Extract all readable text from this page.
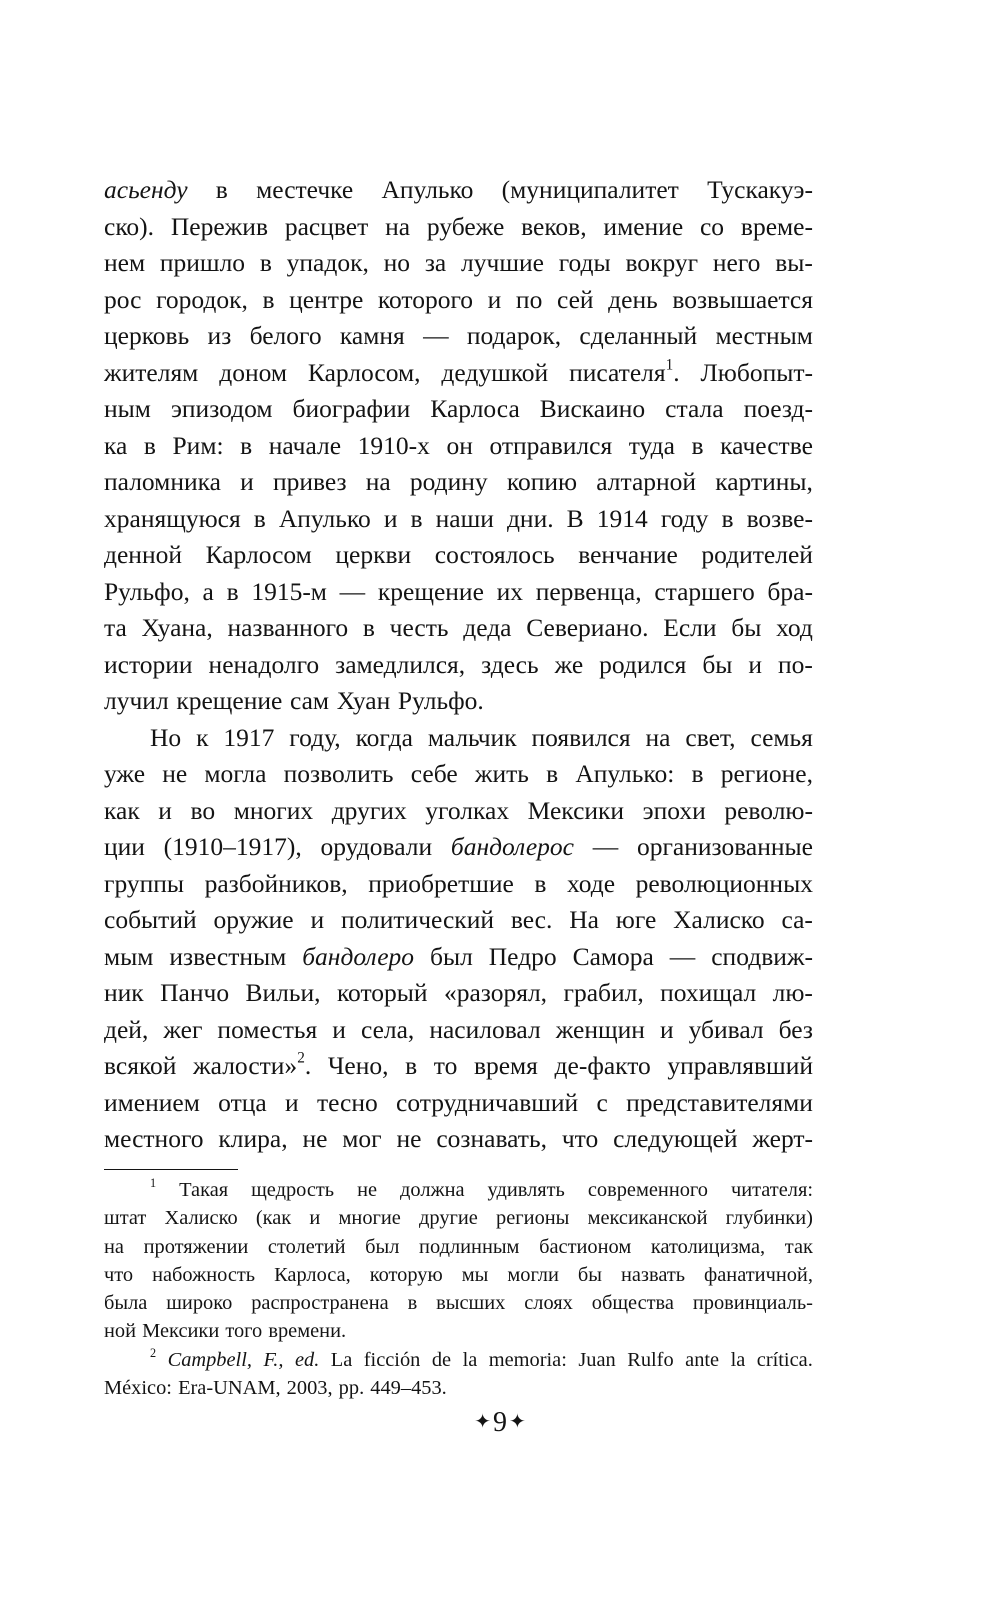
асьенду в местечке Апулько (муниципалитет Тускакуэ-
ско). Пережив расцвет на рубеже веков, имение со време-
нем пришло в упадок, но за лучшие годы вокруг него вы-
рос городок, в центре которого и по сей день возвышается
церковь из белого камня — подарок, сделанный местным
жителям доном Карлосом, дедушкой писателя$^1$. Любопыт-
ным эпизодом биографии Карлоса Вискаино стала поезд-
ка в Рим: в начале 1910-х он отправился туда в качестве
паломника и привез на родину копию алтарной картины,
хранящуюся в Апулько и в наши дни. В 1914 году в возве-
денной Карлосом церкви состоялось венчание родителей
Рульфо, а в 1915-м — крещение их первенца, старшего бра-
та Хуана, названного в честь деда Севериано. Если бы ход
истории ненадолго замедлился, здесь же родился бы и по-
лучил крещение сам Хуан Рульфо.
Но к 1917 году, когда мальчик появился на свет, семья
уже не могла позволить себе жить в Апулько: в регионе,
как и во многих других уголках Мексики эпохи револю-
ции (1910–1917), орудовали бандолерос — организованные
группы разбойников, приобретшие в ходе революционных
событий оружие и политический вес. На юге Халиско са-
мым известным бандолеро был Педро Самора — сподвиж-
ник Панчо Вильи, который «разорял, грабил, похищал лю-
дей, жег поместья и села, насиловал женщин и убивал без
всякой жалости»$^2$. Чено, в то время де-факто управлявший
имением отца и тесно сотрудничавший с представителями
местного клира, не мог не сознавать, что следующей жерт-
$^1$ Такая щедрость не должна удивлять современного читателя:
штат Халиско (как и многие другие регионы мексиканской глубинки)
на протяжении столетий был подлинным бастионом католицизма, так
что набожность Карлоса, которую мы могли бы назвать фанатичной,
была широко распространена в высших слоях общества провинциаль-
ной Мексики того времени.
$^2$ Campbell, F., ed. La ficción de la memoria: Juan Rulfo ante la crítica.
México: Era-UNAM, 2003, pp. 449–453.
✦9 ✦
